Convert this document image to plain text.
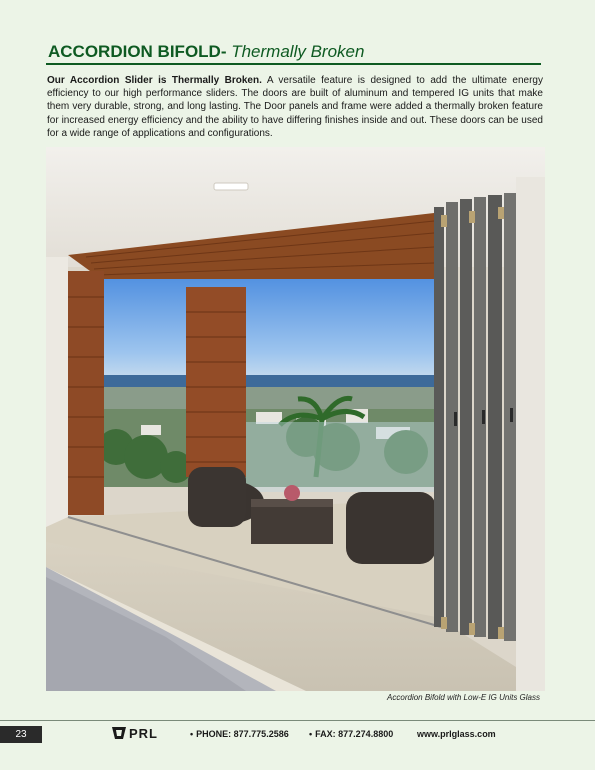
ACCORDION BIFOLD- Thermally Broken

Our Accordion Slider is Thermally Broken. A versatile feature is designed to add the ultimate energy efficiency to our high performance sliders. The doors are built of aluminum and tempered IG units that make them very durable, strong, and long lasting. The Door panels and frame were added a thermally broken feature for increased energy efficiency and the ability to have differing finishes inside and out. These doors can be used for a wide range of applications and configurations.

Accordion Bifold with Low-E IG Units Glass
23	PRL	• PHONE: 877.775.2586 • FAX: 877.274.8800	www.prlglass.com
